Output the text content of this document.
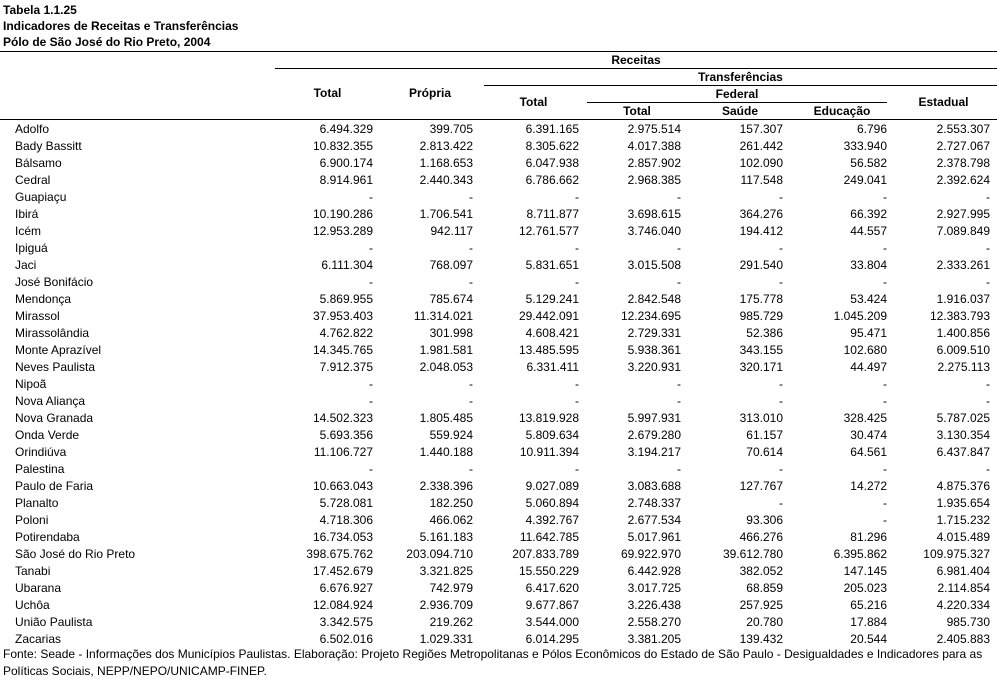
Tabela 1.1.25
Indicadores de Receitas e Transferências
Pólo de São José do Rio Preto, 2004
Receitas
Transferências
Federal
Total	Própria
Total
Total	Saúde	Educação
Estadual
Adolfo	6.494.329	399.705	6.391.165	2.975.514	157.307	6.796	2.553.307
Bady Bassitt	10.832.355	2.813.422	8.305.622	4.017.388	261.442	333.940	2.727.067
Bálsamo	6.900.174	1.168.653	6.047.938	2.857.902	102.090	56.582	2.378.798
Cedral	8.914.961	2.440.343	6.786.662	2.968.385	117.548	249.041	2.392.624
Guapiaçu	-	-	-	-	-	-	-
Ibirá	10.190.286	1.706.541	8.711.877	3.698.615	364.276	66.392	2.927.995
Icém	12.953.289	942.117	12.761.577	3.746.040	194.412	44.557	7.089.849
Ipiguá	-	-	-	-	-	-	-
Jaci	6.111.304	768.097	5.831.651	3.015.508	291.540	33.804	2.333.261
José Bonifácio	-	-	-	-	-	-	-
Mendonça	5.869.955	785.674	5.129.241	2.842.548	175.778	53.424	1.916.037
Mirassol	37.953.403	11.314.021	29.442.091	12.234.695	985.729	1.045.209	12.383.793
Mirassolândia	4.762.822	301.998	4.608.421	2.729.331	52.386	95.471	1.400.856
Monte Aprazível	14.345.765	1.981.581	13.485.595	5.938.361	343.155	102.680	6.009.510
Neves Paulista	7.912.375	2.048.053	6.331.411	3.220.931	320.171	44.497	2.275.113
Nipoã	-	-	-	-	-	-	-
Nova Aliança	-	-	-	-	-	-	-
Nova Granada	14.502.323	1.805.485	13.819.928	5.997.931	313.010	328.425	5.787.025
Onda Verde	5.693.356	559.924	5.809.634	2.679.280	61.157	30.474	3.130.354
Orindiúva	11.106.727	1.440.188	10.911.394	3.194.217	70.614	64.561	6.437.847
Palestina	-	-	-	-	-	-	-
Paulo de Faria	10.663.043	2.338.396	9.027.089	3.083.688	127.767	14.272	4.875.376
Planalto	5.728.081	182.250	5.060.894	2.748.337	-	-	1.935.654
Poloni	4.718.306	466.062	4.392.767	2.677.534	93.306	-	1.715.232
Potirendaba	16.734.053	5.161.183	11.642.785	5.017.961	466.276	81.296	4.015.489
São José do Rio Preto	398.675.762	203.094.710	207.833.789	69.922.970	39.612.780	6.395.862	109.975.327
Tanabi	17.452.679	3.321.825	15.550.229	6.442.928	382.052	147.145	6.981.404
Ubarana	6.676.927	742.979	6.417.620	3.017.725	68.859	205.023	2.114.854
Uchôa	12.084.924	2.936.709	9.677.867	3.226.438	257.925	65.216	4.220.334
União Paulista	3.342.575	219.262	3.544.000	2.558.270	20.780	17.884	985.730
Zacarias	6.502.016	1.029.331	6.014.295	3.381.205	139.432	20.544	2.405.883
Fonte: Seade - Informações dos Municípios Paulistas. Elaboração: Projeto Regiões Metropolitanas e Pólos Econômicos do Estado de São Paulo - Desigualdades e Indicadores para as Políticas Sociais, NEPP/NEPO/UNICAMP-FINEP.
